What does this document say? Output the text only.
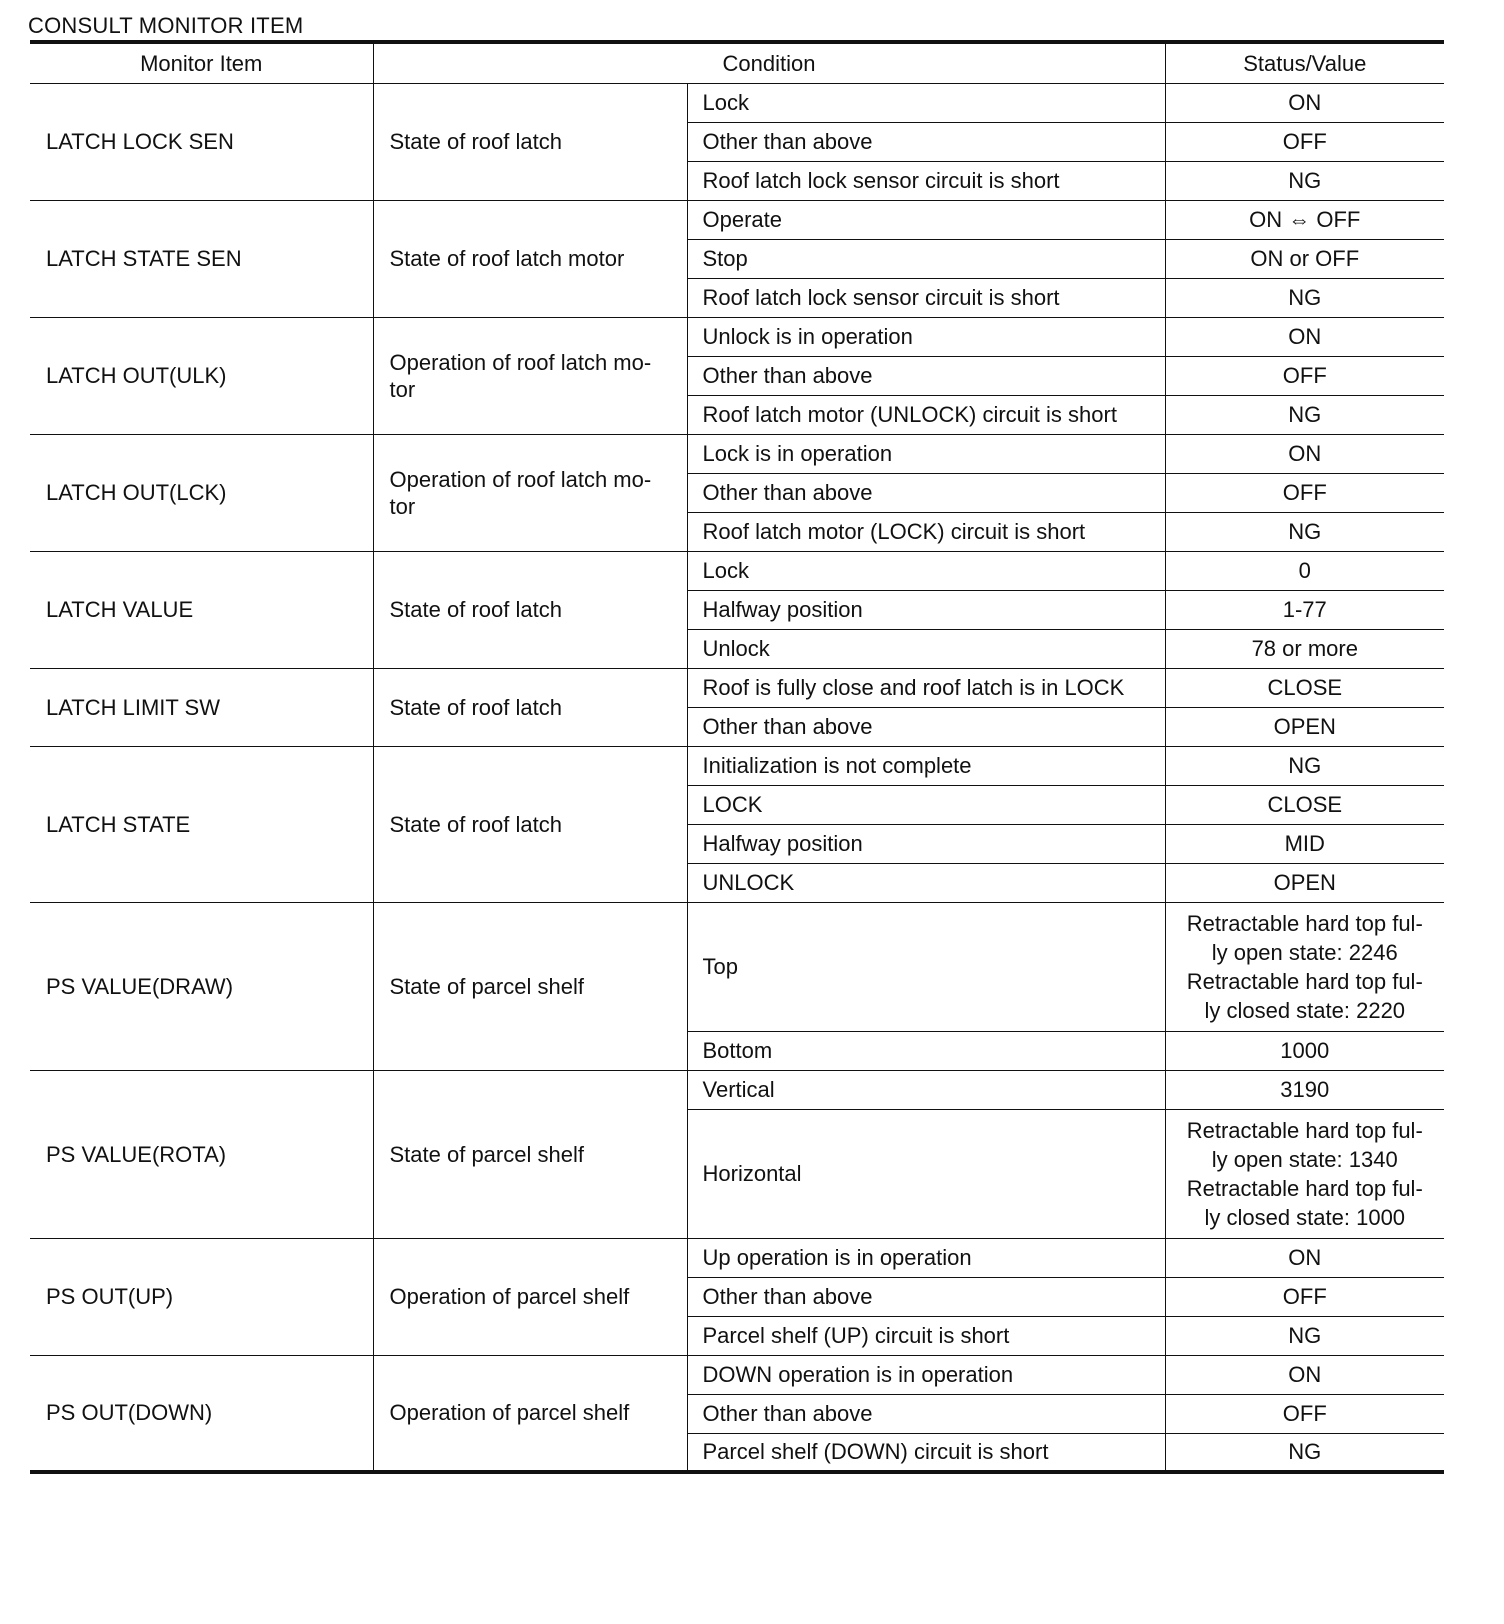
CONSULT MONITOR ITEM
Monitor Item	Condition		Status/Value
LATCH LOCK SEN	State of roof latch	Lock	ON

		Other than above	OFF

		Roof latch lock sensor circuit is short	NG

LATCH STATE SEN	State of roof latch motor	Operate	ON ⇔ OFF

		Stop	ON or OFF

		Roof latch lock sensor circuit is short	NG

LATCH OUT(ULK)	Operation of roof latch mo-tor	Unlock is in operation	ON

		Other than above	OFF

		Roof latch motor (UNLOCK) circuit is short	NG

LATCH OUT(LCK)	Operation of roof latch mo-tor	Lock is in operation	ON

		Other than above	OFF

		Roof latch motor (LOCK) circuit is short	NG

LATCH VALUE	State of roof latch	Lock	0

		Halfway position	1-77

		Unlock	78 or more

LATCH LIMIT SW	State of roof latch	Roof is fully close and roof latch is in LOCK	CLOSE

		Other than above	OPEN

LATCH STATE	State of roof latch	Initialization is not complete	NG

		LOCK	CLOSE

		Halfway position	MID

		UNLOCK	OPEN

PS VALUE(DRAW)	State of parcel shelf	Top	Retractable hard top ful-
ly open state: 2246
Retractable hard top ful-
ly closed state: 2220

		Bottom	1000

PS VALUE(ROTA)	State of parcel shelf	Vertical	3190

		Horizontal	Retractable hard top ful-
ly open state: 1340
Retractable hard top ful-
ly closed state: 1000

PS OUT(UP)	Operation of parcel shelf	Up operation is in operation	ON

		Other than above	OFF

		Parcel shelf (UP) circuit is short	NG

PS OUT(DOWN)	Operation of parcel shelf	DOWN operation is in operation	ON

		Other than above	OFF

		Parcel shelf (DOWN) circuit is short	NG
